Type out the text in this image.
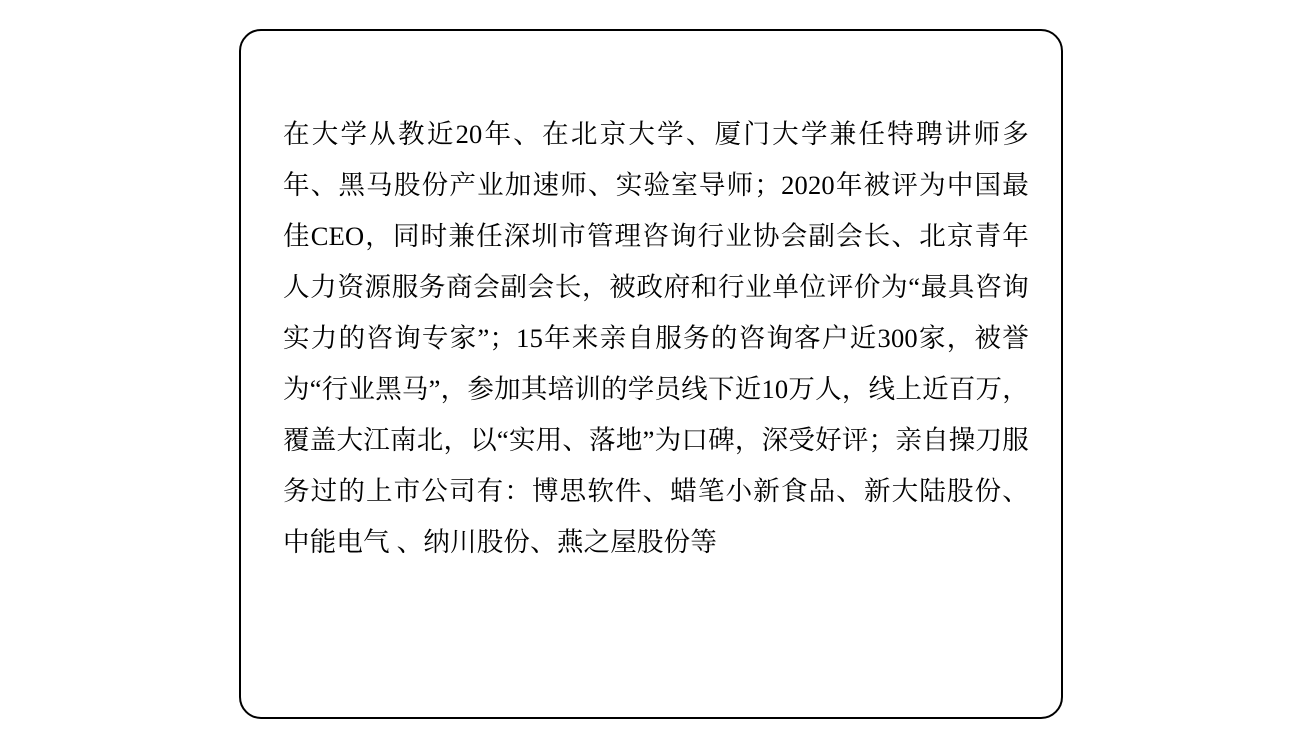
在大学从教近20年、在北京大学、厦门大学兼任特聘讲师多年、黑马股份产业加速师、实验室导师；2020年被评为中国最佳CEO，同时兼任深圳市管理咨询行业协会副会长、北京青年人力资源服务商会副会长，被政府和行业单位评价为“最具咨询实力的咨询专家”；15年来亲自服务的咨询客户近300家，被誉为“行业黑马”，参加其培训的学员线下近10万人，线上近百万，覆盖大江南北，以“实用、落地”为口碑，深受好评；亲自操刀服务过的上市公司有：博思软件、蜡笔小新食品、新大陆股份、中能电气 、纳川股份、燕之屋股份等
